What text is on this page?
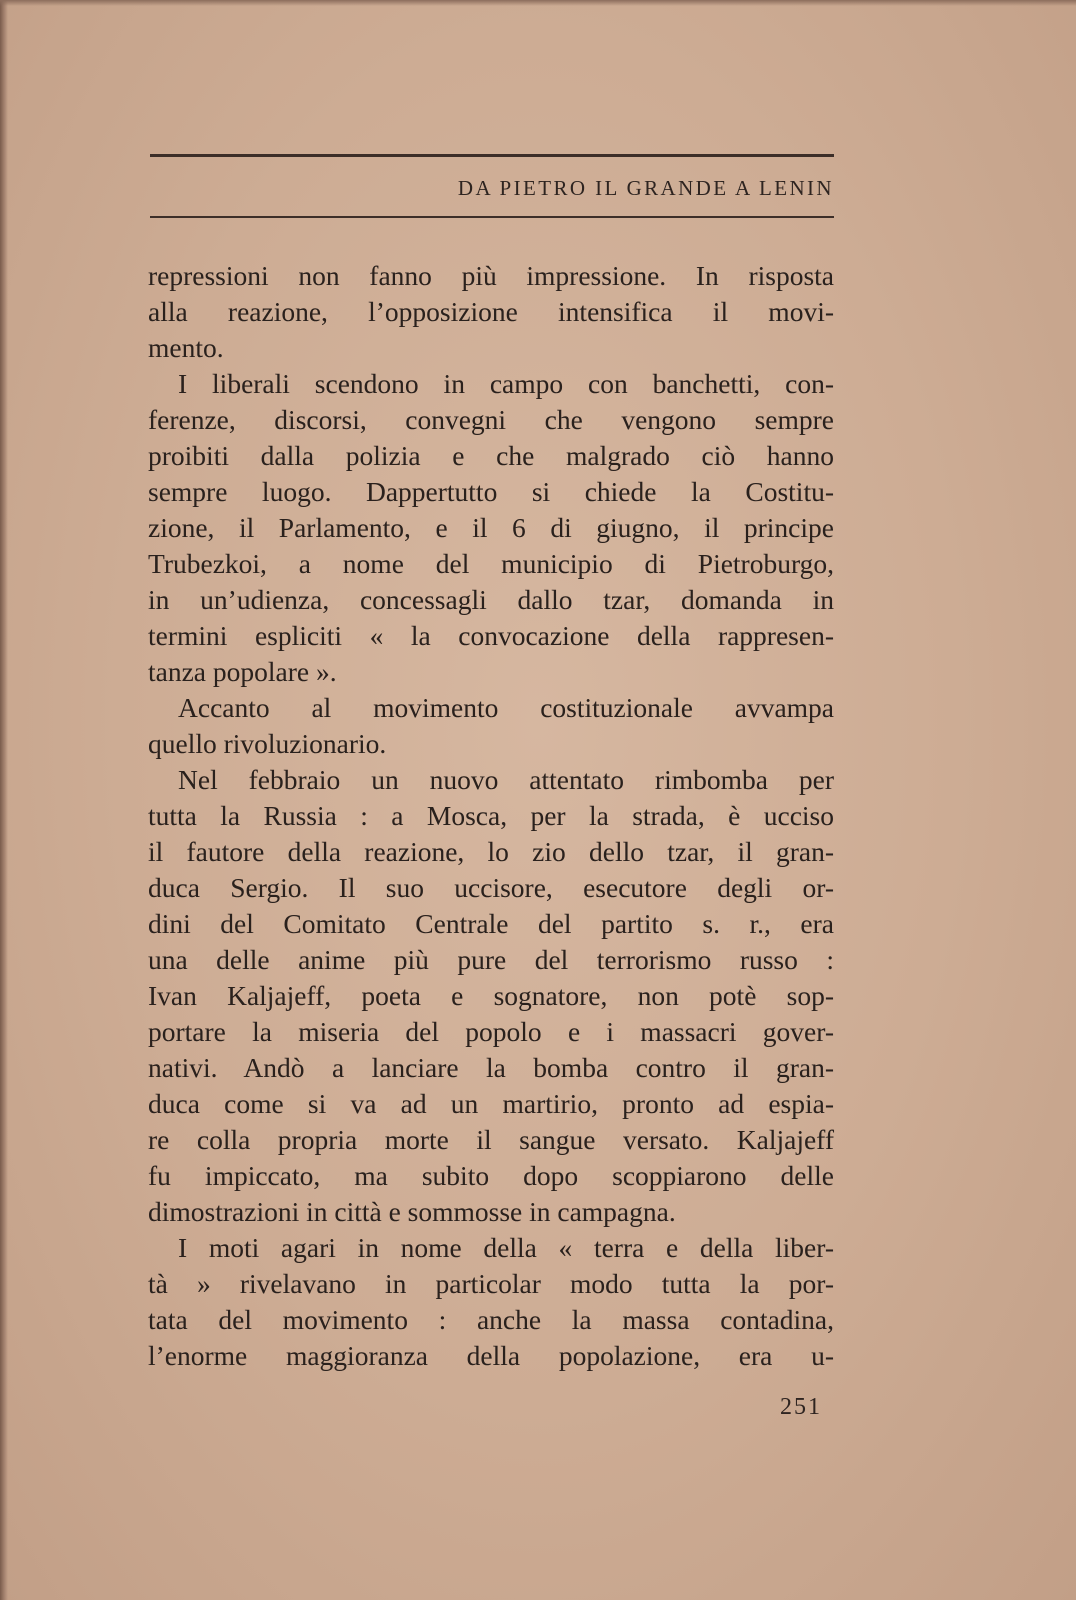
DA PIETRO IL GRANDE A LENIN
repressioni non fanno più impressione. In risposta
alla reazione, l’opposizione intensifica il movi-
mento.
I liberali scendono in campo con banchetti, con-
ferenze, discorsi, convegni che vengono sempre
proibiti dalla polizia e che malgrado ciò hanno
sempre luogo. Dappertutto si chiede la Costitu-
zione, il Parlamento, e il 6 di giugno, il principe
Trubezkoi, a nome del municipio di Pietroburgo,
in un’udienza, concessagli dallo tzar, domanda in
termini espliciti « la convocazione della rappresen-
tanza popolare ».
Accanto al movimento costituzionale avvampa
quello rivoluzionario.
Nel febbraio un nuovo attentato rimbomba per
tutta la Russia : a Mosca, per la strada, è ucciso
il fautore della reazione, lo zio dello tzar, il gran-
duca Sergio. Il suo uccisore, esecutore degli or-
dini del Comitato Centrale del partito s. r., era
una delle anime più pure del terrorismo russo :
Ivan Kaljajeff, poeta e sognatore, non potè sop-
portare la miseria del popolo e i massacri gover-
nativi. Andò a lanciare la bomba contro il gran-
duca come si va ad un martirio, pronto ad espia-
re colla propria morte il sangue versato. Kaljajeff
fu impiccato, ma subito dopo scoppiarono delle
dimostrazioni in città e sommosse in campagna.
I moti agari in nome della « terra e della liber-
tà » rivelavano in particolar modo tutta la por-
tata del movimento : anche la massa contadina,
l’enorme maggioranza della popolazione, era u-
251
